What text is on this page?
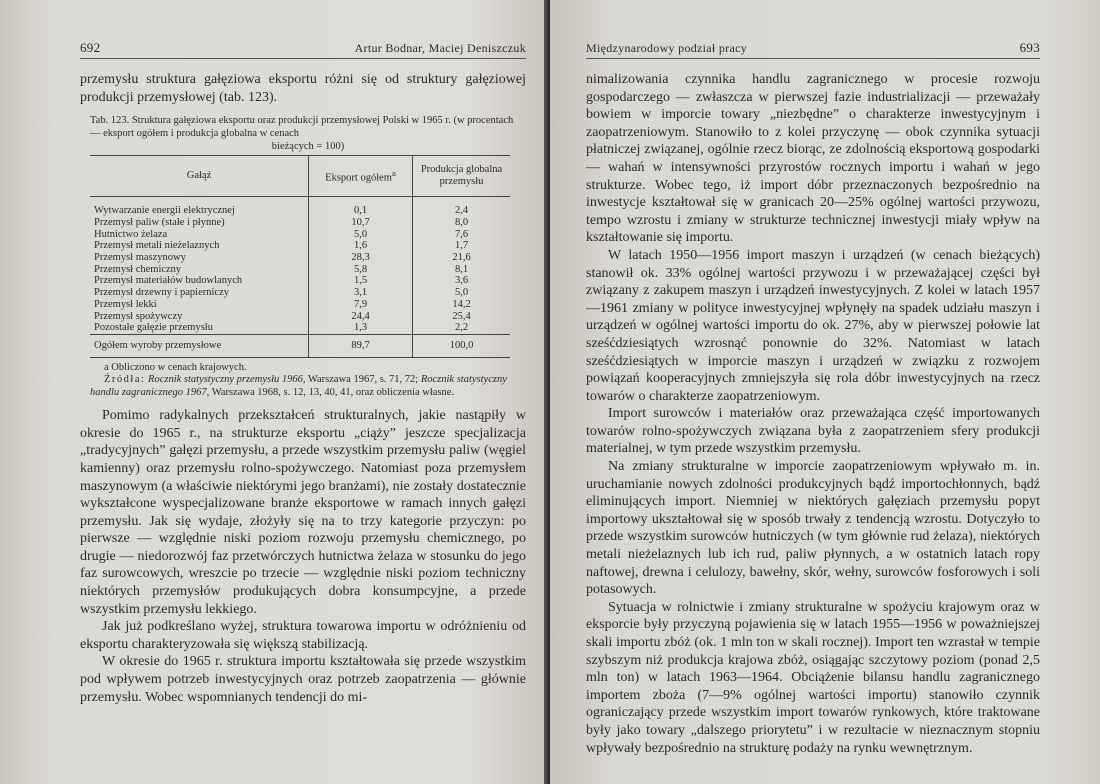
692	Artur Bodnar, Maciej Deniszczuk

przemysłu struktura gałęziowa eksportu różni się od struktury gałęziowej produkcji przemysłowej (tab. 123).

Tab. 123. Struktura gałęziowa eksportu oraz produkcji przemysłowej Polski w 1965 r. (w procentach — eksport ogółem i produkcja globalna w cenach
bieżących = 100)
Gałąź	Eksport ogółem$^a$	Produkcja globalna przemysłu
Wytwarzanie energii elektrycznej	0,1	2,4
Przemysł paliw (stałe i płynne)	10,7	8,0
Hutnictwo żelaza	5,0	7,6
Przemysł metali nieżelaznych	1,6	1,7
Przemysł maszynowy	28,3	21,6
Przemysł chemiczny	5,8	8,1
Przemysł materiałów budowlanych	1,5	3,6
Przemysł drzewny i papierniczy	3,1	5,0
Przemysł lekki	7,9	14,2
Przemysł spożywczy	24,4	25,4
Pozostałe gałęzie przemysłu	1,3	2,2
Ogółem wyroby przemysłowe	89,7	100,0
a Obliczono w cenach krajowych.
Źródła: Rocznik statystyczny przemysłu 1966, Warszawa 1967, s. 71, 72; Rocznik statystyczny handlu zagranicznego 1967, Warszawa 1968, s. 12, 13, 40, 41, oraz obliczenia własne.

Pomimo radykalnych przekształceń strukturalnych, jakie nastąpiły w okresie do 1965 r., na strukturze eksportu „ciąży” jeszcze specjalizacja „tradycyjnych” gałęzi przemysłu, a przede wszystkim przemysłu paliw (węgiel kamienny) oraz przemysłu rolno-spożywczego. Natomiast poza przemysłem maszynowym (a właściwie niektórymi jego branżami), nie zostały dostatecznie wykształcone wyspecjalizowane branże eksportowe w ramach innych gałęzi przemysłu. Jak się wydaje, złożyły się na to trzy kategorie przyczyn: po pierwsze — względnie niski poziom rozwoju przemysłu chemicznego, po drugie — niedorozwój faz przetwórczych hutnictwa żelaza w stosunku do jego faz surowcowych, wreszcie po trzecie — względnie niski poziom techniczny niektórych przemysłów produkujących dobra konsumpcyjne, a przede wszystkim przemysłu lekkiego.

Jak już podkreślano wyżej, struktura towarowa importu w odróżnieniu od eksportu charakteryzowała się większą stabilizacją.

W okresie do 1965 r. struktura importu kształtowała się przede wszystkim pod wpływem potrzeb inwestycyjnych oraz potrzeb zaopatrzenia — głównie przemysłu. Wobec wspomnianych tendencji do mi-

Międzynarodowy podział pracy	693

nimalizowania czynnika handlu zagranicznego w procesie rozwoju gospodarczego — zwłaszcza w pierwszej fazie industrializacji — przeważały bowiem w imporcie towary „niezbędne” o charakterze inwestycyjnym i zaopatrzeniowym. Stanowiło to z kolei przyczynę — obok czynnika sytuacji płatniczej związanej, ogólnie rzecz biorąc, ze zdolnością eksportową gospodarki — wahań w intensywności przyrostów rocznych importu i wahań w jego strukturze. Wobec tego, iż import dóbr przeznaczonych bezpośrednio na inwestycje kształtował się w granicach 20—25% ogólnej wartości przywozu, tempo wzrostu i zmiany w strukturze technicznej inwestycji miały wpływ na kształtowanie się importu.

W latach 1950—1956 import maszyn i urządzeń (w cenach bieżących) stanowił ok. 33% ogólnej wartości przywozu i w przeważającej części był związany z zakupem maszyn i urządzeń inwestycyjnych. Z kolei w latach 1957—1961 zmiany w polityce inwestycyjnej wpłynęły na spadek udziału maszyn i urządzeń w ogólnej wartości importu do ok. 27%, aby w pierwszej połowie lat sześćdziesiątych wzrosnąć ponownie do 32%. Natomiast w latach sześćdziesiątych w imporcie maszyn i urządzeń w związku z rozwojem powiązań kooperacyjnych zmniejszyła się rola dóbr inwestycyjnych na rzecz towarów o charakterze zaopatrzeniowym.

Import surowców i materiałów oraz przeważająca część importowanych towarów rolno-spożywczych związana była z zaopatrzeniem sfery produkcji materialnej, w tym przede wszystkim przemysłu.

Na zmiany strukturalne w imporcie zaopatrzeniowym wpływało m. in. uruchamianie nowych zdolności produkcyjnych bądź importochłonnych, bądź eliminujących import. Niemniej w niektórych gałęziach przemysłu popyt importowy ukształtował się w sposób trwały z tendencją wzrostu. Dotyczyło to przede wszystkim surowców hutniczych (w tym głównie rud żelaza), niektórych metali nieżelaznych lub ich rud, paliw płynnych, a w ostatnich latach ropy naftowej, drewna i celulozy, bawełny, skór, wełny, surowców fosforowych i soli potasowych.

Sytuacja w rolnictwie i zmiany strukturalne w spożyciu krajowym oraz w eksporcie były przyczyną pojawienia się w latach 1955—1956 w poważniejszej skali importu zbóż (ok. 1 mln ton w skali rocznej). Import ten wzrastał w tempie szybszym niż produkcja krajowa zbóż, osiągając szczytowy poziom (ponad 2,5 mln ton) w latach 1963—1964. Obciążenie bilansu handlu zagranicznego importem zboża (7—9% ogólnej wartości importu) stanowiło czynnik ograniczający przede wszystkim import towarów rynkowych, które traktowane były jako towary „dalszego priorytetu” i w rezultacie w nieznacznym stopniu wpływały bezpośrednio na strukturę podaży na rynku wewnętrznym.
